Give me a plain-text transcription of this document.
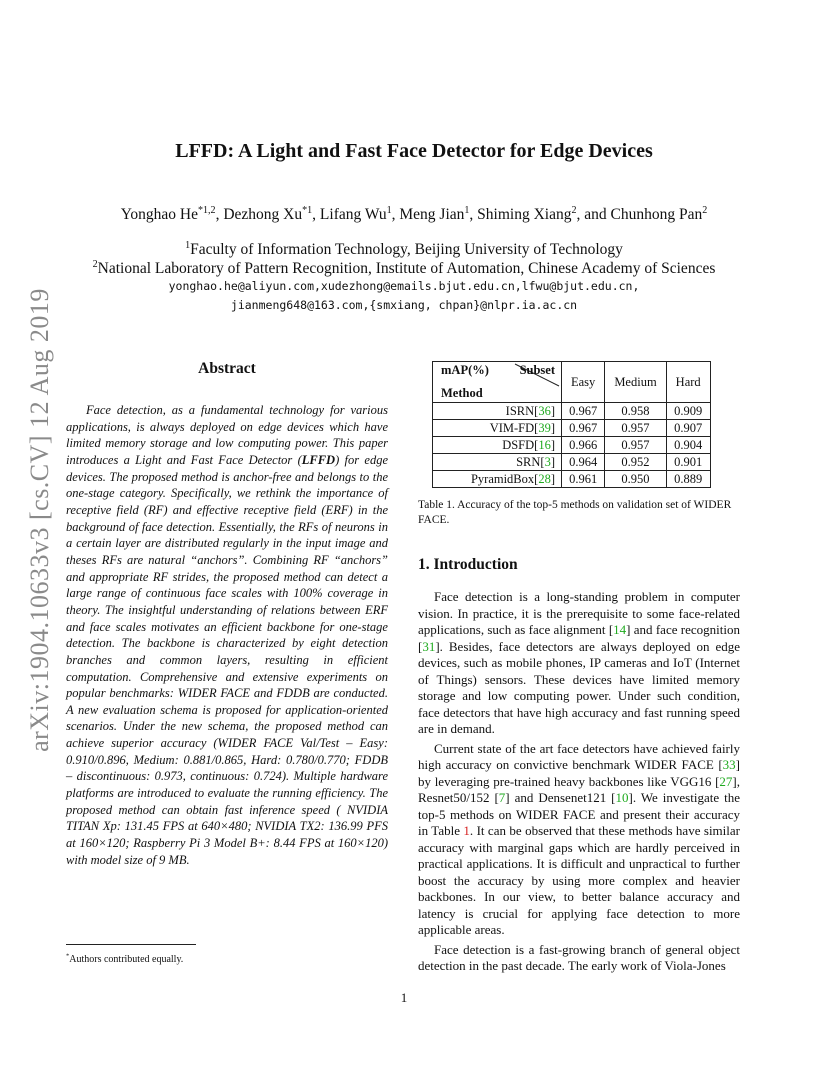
arXiv:1904.10633v3 [cs.CV] 12 Aug 2019
LFFD: A Light and Fast Face Detector for Edge Devices
Yonghao He$^{*1,2}$, Dezhong Xu$^{*1}$, Lifang Wu$^1$, Meng Jian$^1$, Shiming Xiang$^2$, and Chunhong Pan$^2$
$^1$Faculty of Information Technology, Beijing University of Technology
$^2$National Laboratory of Pattern Recognition, Institute of Automation, Chinese Academy of Sciences
yonghao.he@aliyun.com,xudezhong@emails.bjut.edu.cn,lfwu@bjut.edu.cn,
jianmeng648@163.com,{smxiang, chpan}@nlpr.ia.ac.cn
Abstract

Face detection, as a fundamental technology for various applications, is always deployed on edge devices which have limited memory storage and low computing power. This paper introduces a Light and Fast Face Detector (LFFD) for edge devices. The proposed method is anchor-free and belongs to the one-stage category. Specifically, we rethink the importance of receptive field (RF) and effective receptive field (ERF) in the background of face detection. Essentially, the RFs of neurons in a certain layer are distributed regularly in the input image and theses RFs are natural “anchors”. Combining RF “anchors” and appropriate RF strides, the proposed method can detect a large range of continuous face scales with 100% coverage in theory. The insightful understanding of relations between ERF and face scales motivates an efficient backbone for one-stage detection. The backbone is characterized by eight detection branches and common layers, resulting in efficient computation. Comprehensive and extensive experiments on popular benchmarks: WIDER FACE and FDDB are conducted. A new evaluation schema is proposed for application-oriented scenarios. Under the new schema, the proposed method can achieve superior accuracy (WIDER FACE Val/Test – Easy: 0.910/0.896, Medium: 0.881/0.865, Hard: 0.780/0.770; FDDB – discontinuous: 0.973, continuous: 0.724). Multiple hardware platforms are introduced to evaluate the running efficiency. The proposed method can obtain fast inference speed ( NVIDIA TITAN Xp: 131.45 FPS at 640×480; NVIDIA TX2: 136.99 PFS at 160×120; Raspberry Pi 3 Model B+: 8.44 FPS at 160×120) with model size of 9 MB.

*Authors contributed equally.
1
mAP(%) Subset
Method	Easy	Medium	Hard
ISRN[36]	0.967	0.958	0.909
VIM-FD[39]	0.967	0.957	0.907
DSFD[16]	0.966	0.957	0.904
SRN[3]	0.964	0.952	0.901
PyramidBox[28]	0.961	0.950	0.889

Table 1. Accuracy of the top-5 methods on validation set of WIDER FACE.

1. Introduction

Face detection is a long-standing problem in computer vision. In practice, it is the prerequisite to some face-related applications, such as face alignment [14] and face recognition [31]. Besides, face detectors are always deployed on edge devices, such as mobile phones, IP cameras and IoT (Internet of Things) sensors. These devices have limited memory storage and low computing power. Under such condition, face detectors that have high accuracy and fast running speed are in demand.

Current state of the art face detectors have achieved fairly high accuracy on convictive benchmark WIDER FACE [33] by leveraging pre-trained heavy backbones like VGG16 [27], Resnet50/152 [7] and Densenet121 [10]. We investigate the top-5 methods on WIDER FACE and present their accuracy in Table 1. It can be observed that these methods have similar accuracy with marginal gaps which are hardly perceived in practical applications. It is difficult and unpractical to further boost the accuracy by using more complex and heavier backbones. In our view, to better balance accuracy and latency is crucial for applying face detection to more applicable areas.

Face detection is a fast-growing branch of general object detection in the past decade. The early work of Viola-Jones
